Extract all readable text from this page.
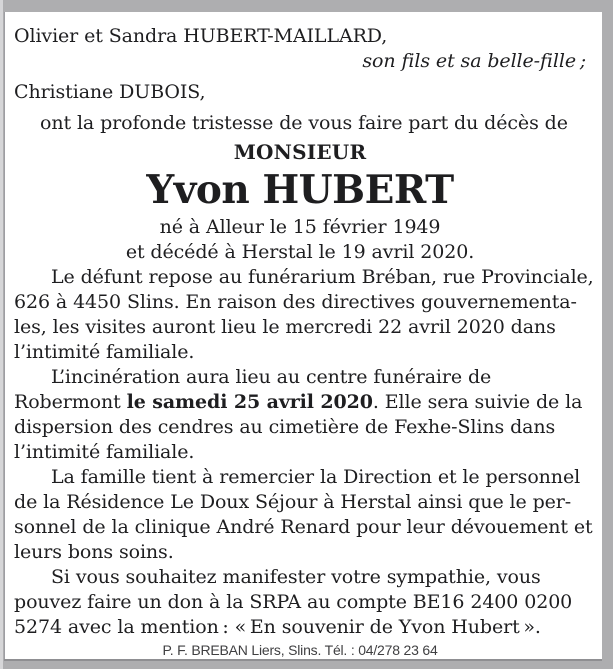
Olivier et Sandra HUBERT-MAILLARD,
son fils et sa belle-fille ;
Christiane DUBOIS,
ont la profonde tristesse de vous faire part du décès de
MONSIEUR
Yvon HUBERT
né à Alleur le 15 février 1949
et décédé à Herstal le 19 avril 2020.
Le défunt repose au funérarium Bréban, rue Provinciale,
626 à 4450 Slins. En raison des directives gouvernementa-
les, les visites auront lieu le mercredi 22 avril 2020 dans
l’intimité familiale.
L’incinération aura lieu au centre funéraire de
Robermont le samedi 25 avril 2020. Elle sera suivie de la
dispersion des cendres au cimetière de Fexhe-Slins dans
l’intimité familiale.
La famille tient à remercier la Direction et le personnel
de la Résidence Le Doux Séjour à Herstal ainsi que le per-
sonnel de la clinique André Renard pour leur dévouement et
leurs bons soins.
Si vous souhaitez manifester votre sympathie, vous
pouvez faire un don à la SRPA au compte BE16 2400 0200
5274 avec la mention : « En souvenir de Yvon Hubert ».
P. F. BREBAN Liers, Slins. Tél. : 04/278 23 64
